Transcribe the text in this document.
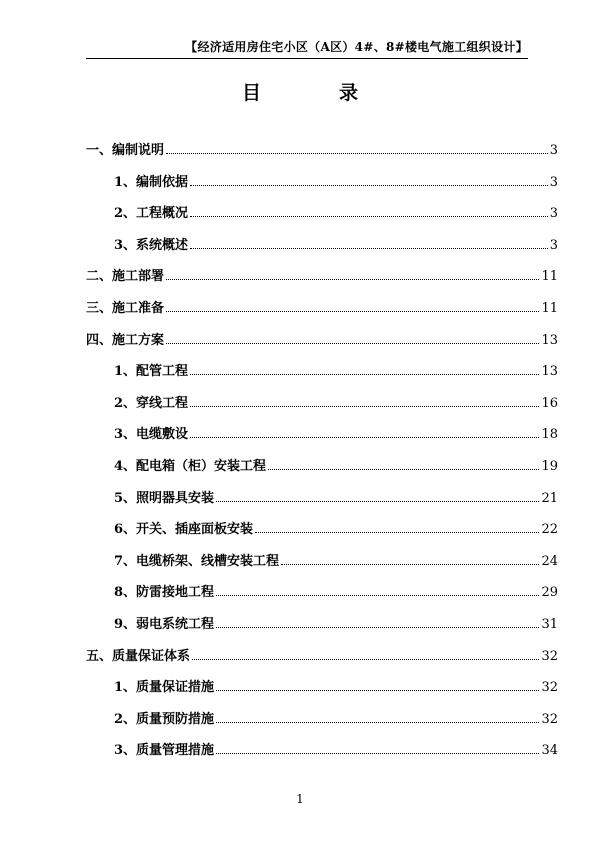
【经济适用房住宅小区（A区）4#、8#楼电气施工组织设计】
目	录
一、编制说明	3
1、编制依据	3
2、工程概况	3
3、系统概述	3
二、施工部署	11
三、施工准备	11
四、施工方案	13
1、配管工程	13
2、穿线工程	16
3、电缆敷设	18
4、配电箱（柜）安装工程	19
5、照明器具安装	21
6、开关、插座面板安装	22
7、电缆桥架、线槽安装工程	24
8、防雷接地工程	29
9、弱电系统工程	31
五、质量保证体系	32
1、质量保证措施	32
2、质量预防措施	32
3、质量管理措施	34
1
